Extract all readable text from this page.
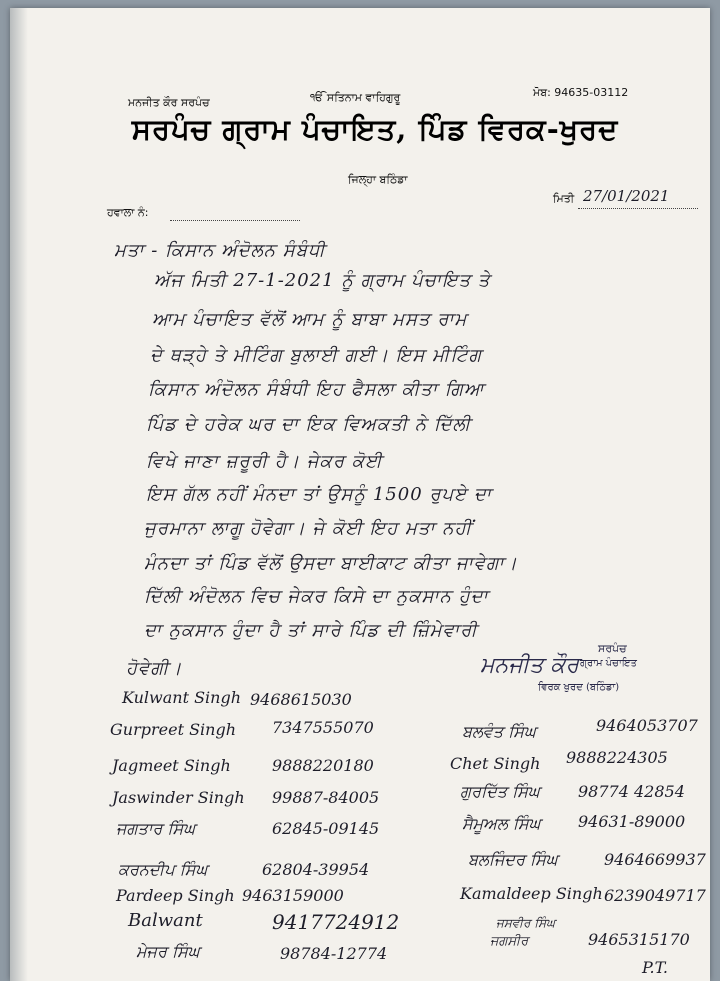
ਮਨਜੀਤ ਕੌਰ ਸਰਪੰਚ	ੴ ਸਤਿਨਾਮ ਵਾਹਿਗੁਰੂ	ਮੋਬ: 94635-03112
ਸਰਪੰਚ ਗ੍ਰਾਮ ਪੰਚਾਇਤ, ਪਿੰਡ ਵਿਰਕ-ਖੁਰਦ
ਜਿਲ੍ਹਾ ਬਠਿੰਡਾ
ਹਵਾਲਾ ਨੰ:
ਮਿਤੀ 27/01/2021
ਮਤਾ - ਕਿਸਾਨ ਅੰਦੋਲਨ ਸੰਬੰਧੀ
ਅੱਜ ਮਿਤੀ 27-1-2021 ਨੂੰ ਗ੍ਰਾਮ ਪੰਚਾਇਤ ਤੇ
ਆਮ ਪੰਚਾਇਤ ਵੱਲੋਂ ਆਮ ਨੂੰ ਬਾਬਾ ਮਸਤ ਰਾਮ
ਦੇ ਥੜ੍ਹੇ ਤੇ ਮੀਟਿੰਗ ਬੁਲਾਈ ਗਈ। ਇਸ ਮੀਟਿੰਗ
ਕਿਸਾਨ ਅੰਦੋਲਨ ਸੰਬੰਧੀ ਇਹ ਫੈਸਲਾ ਕੀਤਾ ਗਿਆ
ਪਿੰਡ ਦੇ ਹਰੇਕ ਘਰ ਦਾ ਇਕ ਵਿਅਕਤੀ ਨੇ ਦਿੱਲੀ
ਵਿਖੇ ਜਾਣਾ ਜ਼ਰੂਰੀ ਹੈ। ਜੇਕਰ ਕੋਈ
ਇਸ ਗੱਲ ਨਹੀਂ ਮੰਨਦਾ ਤਾਂ ਉਸਨੂੰ 1500 ਰੁਪਏ ਦਾ
ਜੁਰਮਾਨਾ ਲਾਗੂ ਹੋਵੇਗਾ। ਜੇ ਕੋਈ ਇਹ ਮਤਾ ਨਹੀਂ
ਮੰਨਦਾ ਤਾਂ ਪਿੰਡ ਵੱਲੋਂ ਉਸਦਾ ਬਾਈਕਾਟ ਕੀਤਾ ਜਾਵੇਗਾ।
ਦਿੱਲੀ ਅੰਦੋਲਨ ਵਿਚ ਜੇਕਰ ਕਿਸੇ ਦਾ ਨੁਕਸਾਨ ਹੁੰਦਾ
ਦਾ ਨੁਕਸਾਨ ਹੁੰਦਾ ਹੈ ਤਾਂ ਸਾਰੇ ਪਿੰਡ ਦੀ ਜ਼ਿੰਮੇਵਾਰੀ
ਹੋਵੇਗੀ।	ਮਨਜੀਤ ਕੌਰ
ਸਰਪੰਚ
ਗ੍ਰਾਮ ਪੰਚਾਇਤ
ਵਿਰਕ ਖੁਰਦ (ਬਠਿੰਡਾ)
Kulwant Singh 9468615030
Gurpreet Singh 7347555070
Jagmeet Singh	9888220180
Jaswinder Singh 99887-84005
ਜਗਤਾਰ ਸਿੰਘ	62845-09145
ਕਰਨਦੀਪ ਸਿੰਘ	62804-39954
Pardeep Singh 9463159000
Balwant	9417724912
ਮੇਜਰ ਸਿੰਘ	98784-12774
ਬਲਵੰਤ ਸਿੰਘ	9464053707
Chet Singh 9888224305
ਗੁਰਦਿੱਤ ਸਿੰਘ 98774 42854
ਸੈਮੂਅਲ ਸਿੰਘ 94631-89000
ਬਲਜਿੰਦਰ ਸਿੰਘ	9464669937
Kamaldeep Singh 6239049717
ਜਸਵੀਰ ਸਿੰਘ
ਜਗਸੀਰ	9465315170
P.T.
